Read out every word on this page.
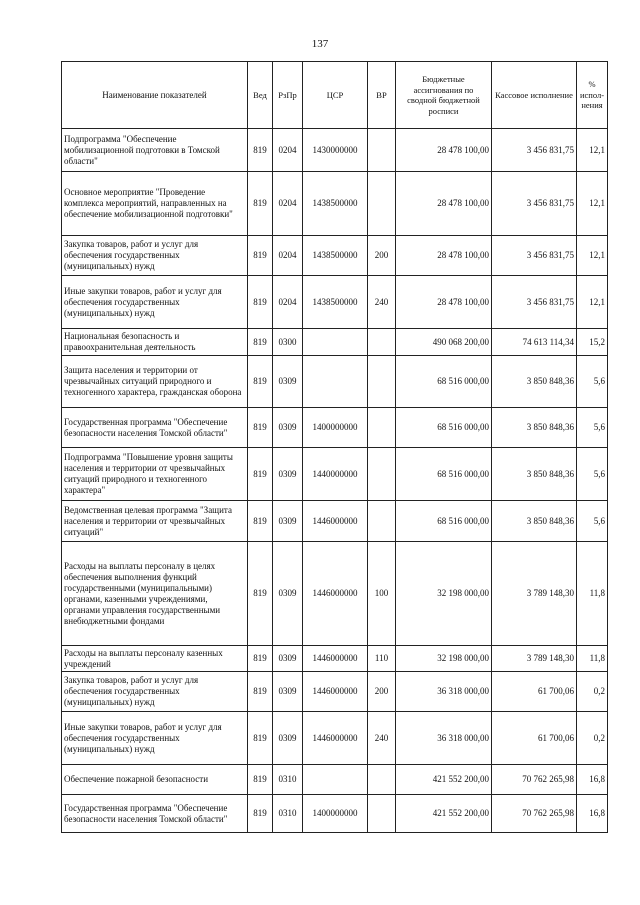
137
Наименование показателей	Вед	РзПр	ЦСР	ВР	Бюджетные ассигнования по сводной бюджетной росписи	Кассовое исполнение	% испол-нения
Подпрограмма "Обеспечение мобилизационной подготовки в Томской области"	819	0204	1430000000		28 478 100,00	3 456 831,75	12,1
Основное мероприятие "Проведение комплекса мероприятий, направленных на обеспечение мобилизационной подготовки"	819	0204	1438500000		28 478 100,00	3 456 831,75	12,1
Закупка товаров, работ и услуг для обеспечения государственных (муниципальных) нужд	819	0204	1438500000	200	28 478 100,00	3 456 831,75	12,1
Иные закупки товаров, работ и услуг для обеспечения государственных (муниципальных) нужд	819	0204	1438500000	240	28 478 100,00	3 456 831,75	12,1
Национальная безопасность и правоохранительная деятельность	819	0300			490 068 200,00	74 613 114,34	15,2
Защита населения и территории от чрезвычайных ситуаций природного и техногенного характера, гражданская оборона	819	0309			68 516 000,00	3 850 848,36	5,6
Государственная программа "Обеспечение безопасности населения Томской области"	819	0309	1400000000		68 516 000,00	3 850 848,36	5,6
Подпрограмма "Повышение уровня защиты населения и территории от чрезвычайных ситуаций природного и техногенного характера"	819	0309	1440000000		68 516 000,00	3 850 848,36	5,6
Ведомственная целевая программа "Защита населения и территории от чрезвычайных ситуаций"	819	0309	1446000000		68 516 000,00	3 850 848,36	5,6
Расходы на выплаты персоналу в целях обеспечения выполнения функций государственными (муниципальными) органами, казенными учреждениями, органами управления государственными внебюджетными фондами	819	0309	1446000000	100	32 198 000,00	3 789 148,30	11,8
Расходы на выплаты персоналу казенных учреждений	819	0309	1446000000	110	32 198 000,00	3 789 148,30	11,8
Закупка товаров, работ и услуг для обеспечения государственных (муниципальных) нужд	819	0309	1446000000	200	36 318 000,00	61 700,06	0,2
Иные закупки товаров, работ и услуг для обеспечения государственных (муниципальных) нужд	819	0309	1446000000	240	36 318 000,00	61 700,06	0,2
Обеспечение пожарной безопасности	819	0310			421 552 200,00	70 762 265,98	16,8
Государственная программа "Обеспечение безопасности населения Томской области"	819	0310	1400000000		421 552 200,00	70 762 265,98	16,8
